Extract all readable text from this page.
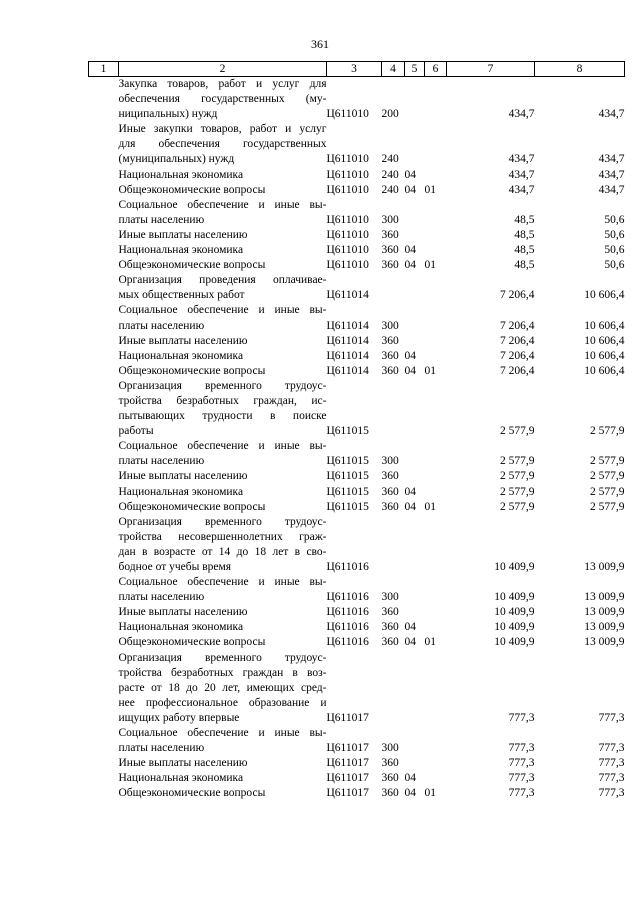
361
1	2	3	4	5	6	7	8

	Закупка товаров, работ и услуг для
обеспечения государственных (му-
ниципальных) нужд	Ц611010	200			434,7	434,7

	Иные закупки товаров, работ и услуг
для обеспечения государственных
(муниципальных) нужд	Ц611010	240			434,7	434,7

	Национальная экономика	Ц611010	240	04		434,7	434,7

	Общеэкономические вопросы	Ц611010	240	04	01	434,7	434,7

	Социальное обеспечение и иные вы-
платы населению	Ц611010	300			48,5	50,6

	Иные выплаты населению	Ц611010	360			48,5	50,6

	Национальная экономика	Ц611010	360	04		48,5	50,6

	Общеэкономические вопросы	Ц611010	360	04	01	48,5	50,6

	Организация проведения оплачивае-
мых общественных работ	Ц611014				7 206,4	10 606,4

	Социальное обеспечение и иные вы-
платы населению	Ц611014	300			7 206,4	10 606,4

	Иные выплаты населению	Ц611014	360			7 206,4	10 606,4

	Национальная экономика	Ц611014	360	04		7 206,4	10 606,4

	Общеэкономические вопросы	Ц611014	360	04	01	7 206,4	10 606,4

	Организация временного трудоус-
тройства безработных граждан, ис-
пытывающих трудности в поиске
работы	Ц611015				2 577,9	2 577,9

	Социальное обеспечение и иные вы-
платы населению	Ц611015	300			2 577,9	2 577,9

	Иные выплаты населению	Ц611015	360			2 577,9	2 577,9

	Национальная экономика	Ц611015	360	04		2 577,9	2 577,9

	Общеэкономические вопросы	Ц611015	360	04	01	2 577,9	2 577,9

	Организация временного трудоус-
тройства несовершеннолетних граж-
дан в возрасте от 14 до 18 лет в сво-
бодное от учебы время	Ц611016				10 409,9	13 009,9

	Социальное обеспечение и иные вы-
платы населению	Ц611016	300			10 409,9	13 009,9

	Иные выплаты населению	Ц611016	360			10 409,9	13 009,9

	Национальная экономика	Ц611016	360	04		10 409,9	13 009,9

	Общеэкономические вопросы	Ц611016	360	04	01	10 409,9	13 009,9

	Организация временного трудоус-
тройства безработных граждан в воз-
расте от 18 до 20 лет, имеющих сред-
нее профессиональное образование и
ищущих работу впервые	Ц611017				777,3	777,3

	Социальное обеспечение и иные вы-
платы населению	Ц611017	300			777,3	777,3

	Иные выплаты населению	Ц611017	360			777,3	777,3

	Национальная экономика	Ц611017	360	04		777,3	777,3

	Общеэкономические вопросы	Ц611017	360	04	01	777,3	777,3
